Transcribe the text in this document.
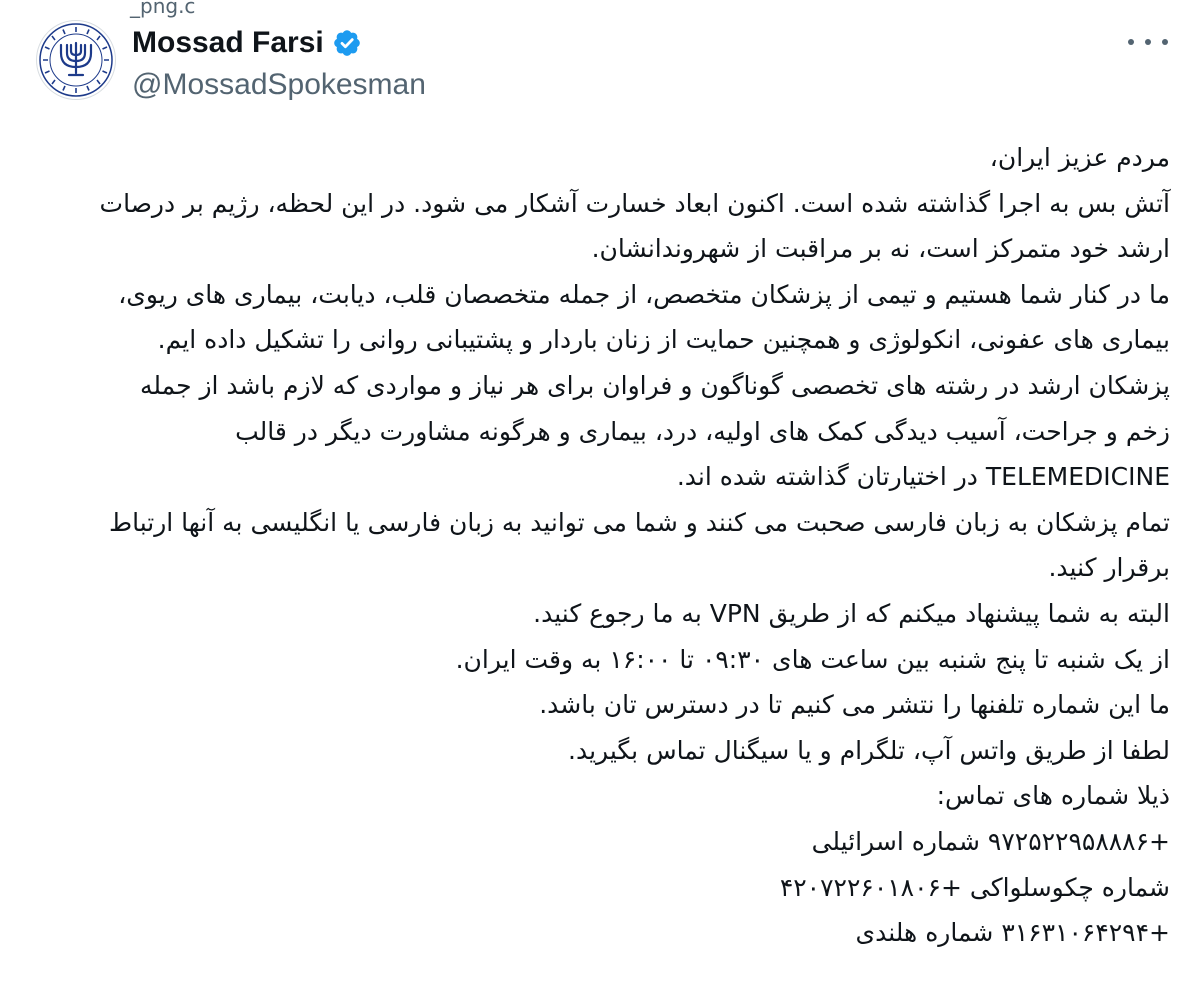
_png.c
Mossad Farsi
@MossadSpokesman
مردم عزیز ایران،
آتش بس به اجرا گذاشته شده است. اکنون ابعاد خسارت آشکار می شود. در این لحظه، رژیم بر درصات
ارشد خود متمرکز است، نه بر مراقبت از شهروندانشان.
ما در کنار شما هستیم و تیمی از پزشکان متخصص، از جمله متخصصان قلب، دیابت، بیماری های ریوی،
بیماری های عفونی، انکولوژی و همچنین حمایت از زنان باردار و پشتیبانی روانی را تشکیل داده ایم.
پزشکان ارشد در رشته های تخصصی گوناگون و فراوان برای هر نیاز و مواردی که لازم باشد از جمله
زخم و جراحت، آسیب دیدگی کمک های اولیه، درد، بیماری و هرگونه مشاورت دیگر در قالب
TELEMEDICINE در اختیارتان گذاشته شده اند.
تمام پزشکان به زبان فارسی صحبت می کنند و شما می توانید به زبان فارسی یا انگلیسی به آنها ارتباط
برقرار کنید.
البته به شما پیشنهاد میکنم که از طریق VPN به ما رجوع کنید.
از یک شنبه تا پنج شنبه بین ساعت های ۰۹:۳۰ تا ۱۶:۰۰ به وقت ایران.
ما این شماره تلفنها را نتشر می کنیم تا در دسترس تان باشد.
لطفا از طریق واتس آپ، تلگرام و یا سیگنال تماس بگیرید.
ذیلا شماره های تماس:
+۹۷۲۵۲۲۹۵۸۸۸۶ شماره اسرائیلی
شماره چکوسلواکی +۴۲۰۷۲۲۶۰۱۸۰۶
+۳۱۶۳۱۰۶۴۲۹۴ شماره هلندی
